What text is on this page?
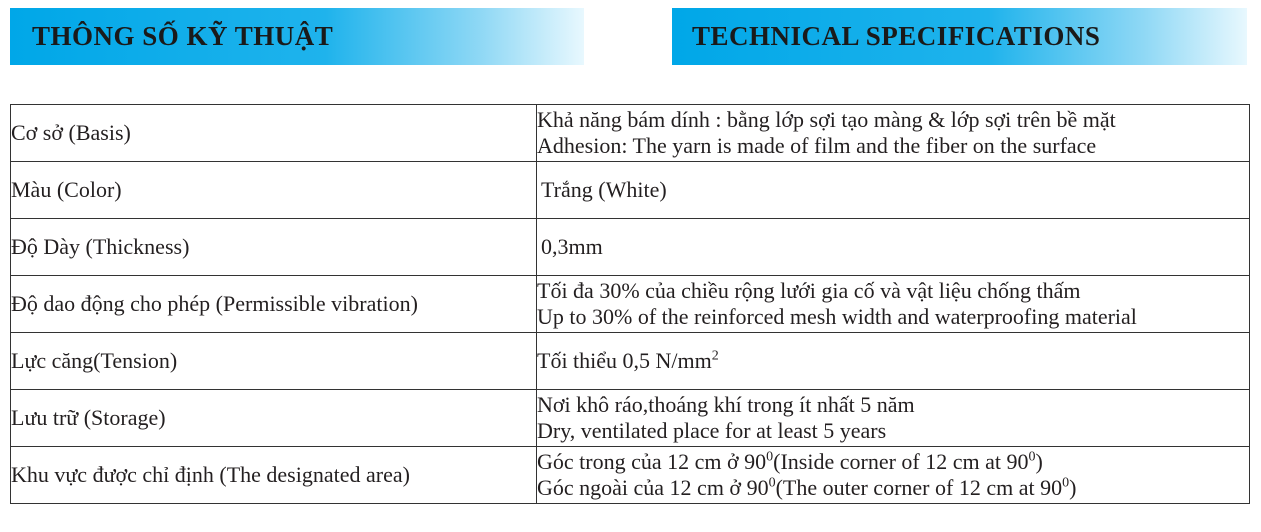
THÔNG SỐ KỸ THUẬT	TECHNICAL SPECIFICATIONS
Cơ sở (Basis)	Khả năng bám dính : bằng lớp sợi tạo màng & lớp sợi trên bề mặt
Adhesion: The yarn is made of film and the fiber on the surface

Màu (Color)	Trắng (White)

Độ Dày (Thickness)	0,3mm

Độ dao động cho phép (Permissible vibration)	Tối đa 30% của chiều rộng lưới gia cố và vật liệu chống thấm
Up to 30% of the reinforced mesh width and waterproofing material

Lực căng(Tension)	Tối thiểu 0,5 $N/mm^2$
Lưu trữ (Storage)	Nơi khô ráo,thoáng khí trong ít nhất 5 năm
Dry, ventilated place for at least 5 years

Khu vực được chỉ định (The designated area)	Góc trong của 12 cm ở $90^0(Inside$ corner of 12 cm at $90^0$)
Góc ngoài của 12 cm ở $90^0(The$ outer corner of 12 cm at $90^0$)
